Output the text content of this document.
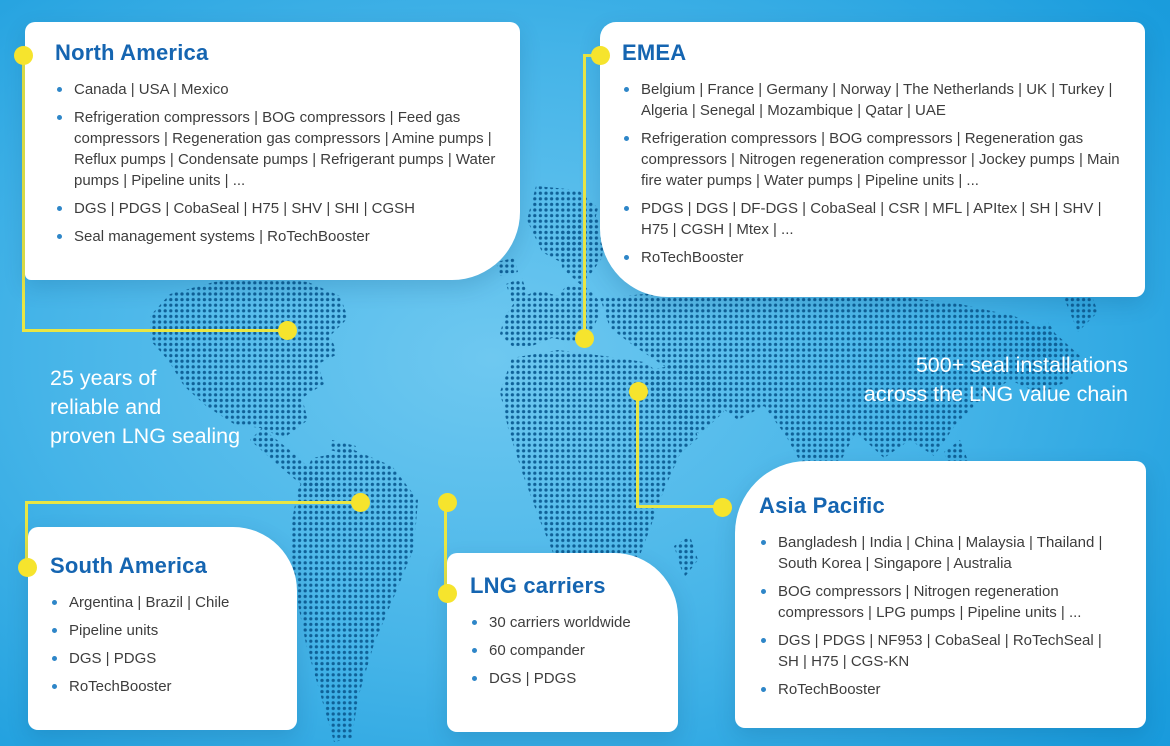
North America
Canada | USA | Mexico
Refrigeration compressors | BOG compressors | Feed gas compressors | Regeneration gas compressors | Amine pumps | Reflux pumps | Condensate pumps | Refrigerant pumps | Water pumps | Pipeline units | ...
DGS | PDGS | CobaSeal | H75 | SHV | SHI | CGSH
Seal management systems | RoTechBooster
EMEA
Belgium | France | Germany | Norway | The Netherlands | UK | Turkey | Algeria | Senegal | Mozambique | Qatar | UAE
Refrigeration compressors | BOG compressors | Regeneration gas compressors | Nitrogen regeneration compressor | Jockey pumps | Main fire water pumps | Water pumps | Pipeline units | ...
PDGS | DGS | DF-DGS | CobaSeal | CSR | MFL | APItex | SH | SHV | H75 | CGSH | Mtex | ...
RoTechBooster
South America
Argentina | Brazil | Chile
Pipeline units
DGS | PDGS
RoTechBooster
LNG carriers
30 carriers worldwide
60 compander
DGS | PDGS
Asia Pacific
Bangladesh | India | China | Malaysia | Thailand | South Korea | Singapore | Australia
BOG compressors | Nitrogen regeneration compressors | LPG pumps | Pipeline units | ...
DGS | PDGS | NF953 | CobaSeal | RoTechSeal | SH | H75 | CGS-KN
RoTechBooster
25 years of
reliable and
proven LNG sealing
500+ seal installations
across the LNG value chain
